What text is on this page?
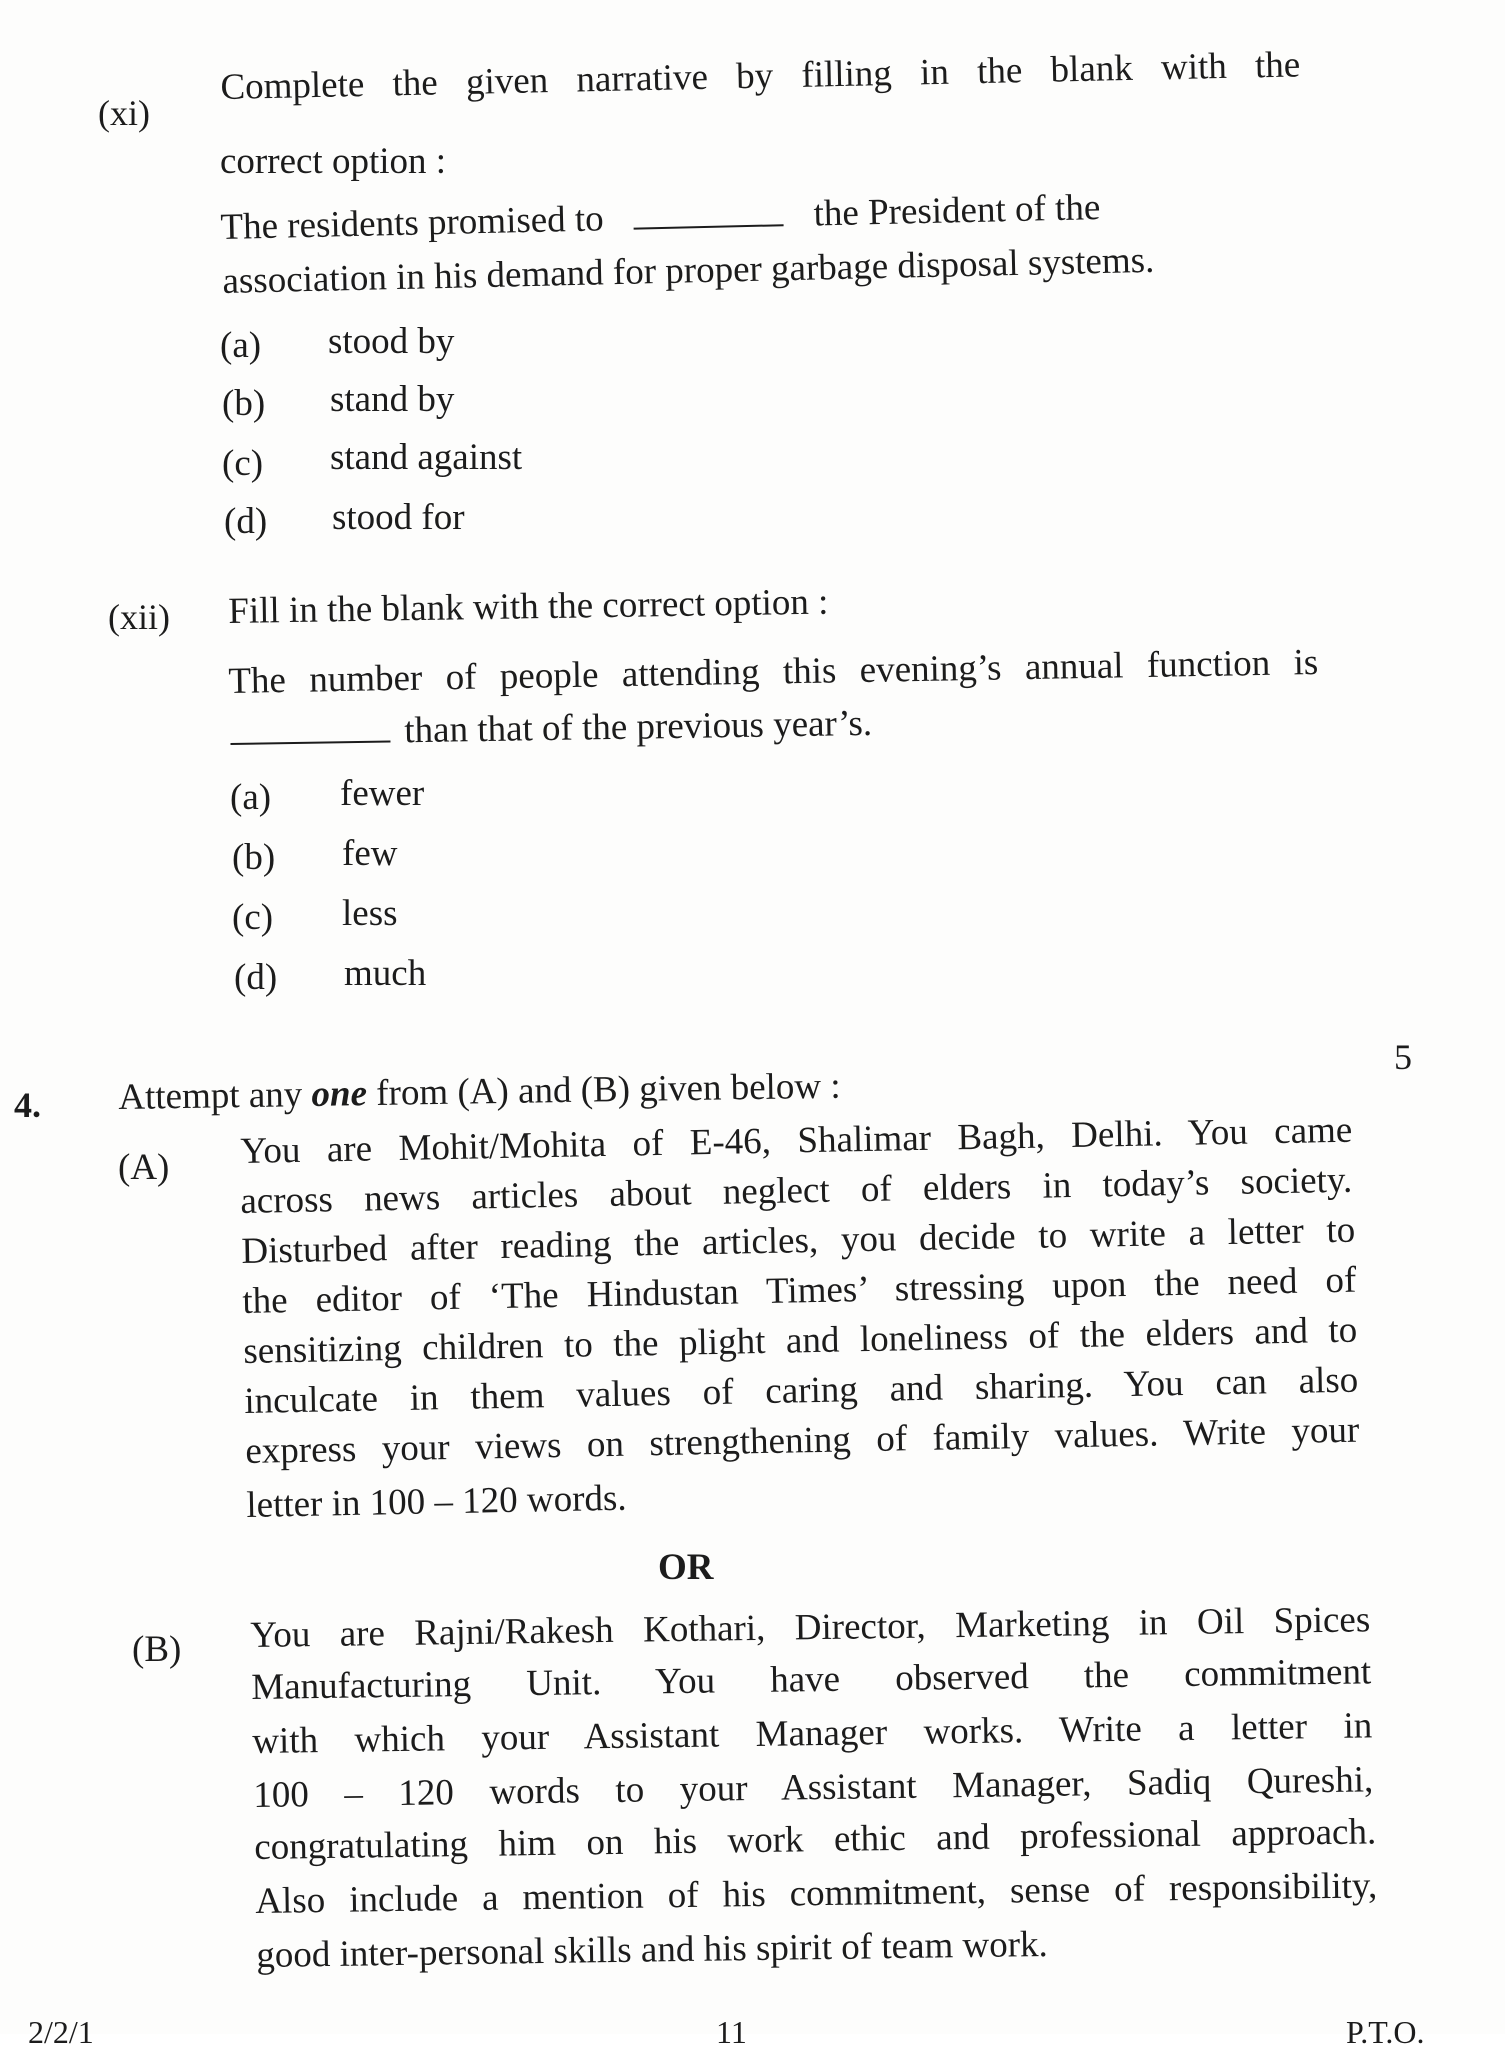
(xi)
Complete the given narrative by filling in the blank with the
correct option :
The residents promised to	the President of the
association in his demand for proper garbage disposal systems.
(a) stood by
(b) stand by
(c) stand against
(d) stood for
(xii) Fill in the blank with the correct option :
The number of people attending this evening’s annual function is
than that of the previous year’s.
(a) fewer
(b) few
(c) less
(d) much
4. Attempt any one from (A) and (B) given below :
5
(A) You are Mohit/Mohita of E-46, Shalimar Bagh, Delhi. You came
across news articles about neglect of elders in today’s society.
Disturbed after reading the articles, you decide to write a letter to
the editor of ‘The Hindustan Times’ stressing upon the need of
sensitizing children to the plight and loneliness of the elders and to
inculcate in them values of caring and sharing. You can also
express your views on strengthening of family values. Write your
letter in 100 – 120 words.
OR
(B) You are Rajni/Rakesh Kothari, Director, Marketing in Oil Spices
Manufacturing Unit. You have observed the commitment
with which your Assistant Manager works. Write a letter in
100 – 120 words to your Assistant Manager, Sadiq Qureshi,
congratulating him on his work ethic and professional approach.
Also include a mention of his commitment, sense of responsibility,
good inter-personal skills and his spirit of team work.
2/2/1	11	P.T.O.
